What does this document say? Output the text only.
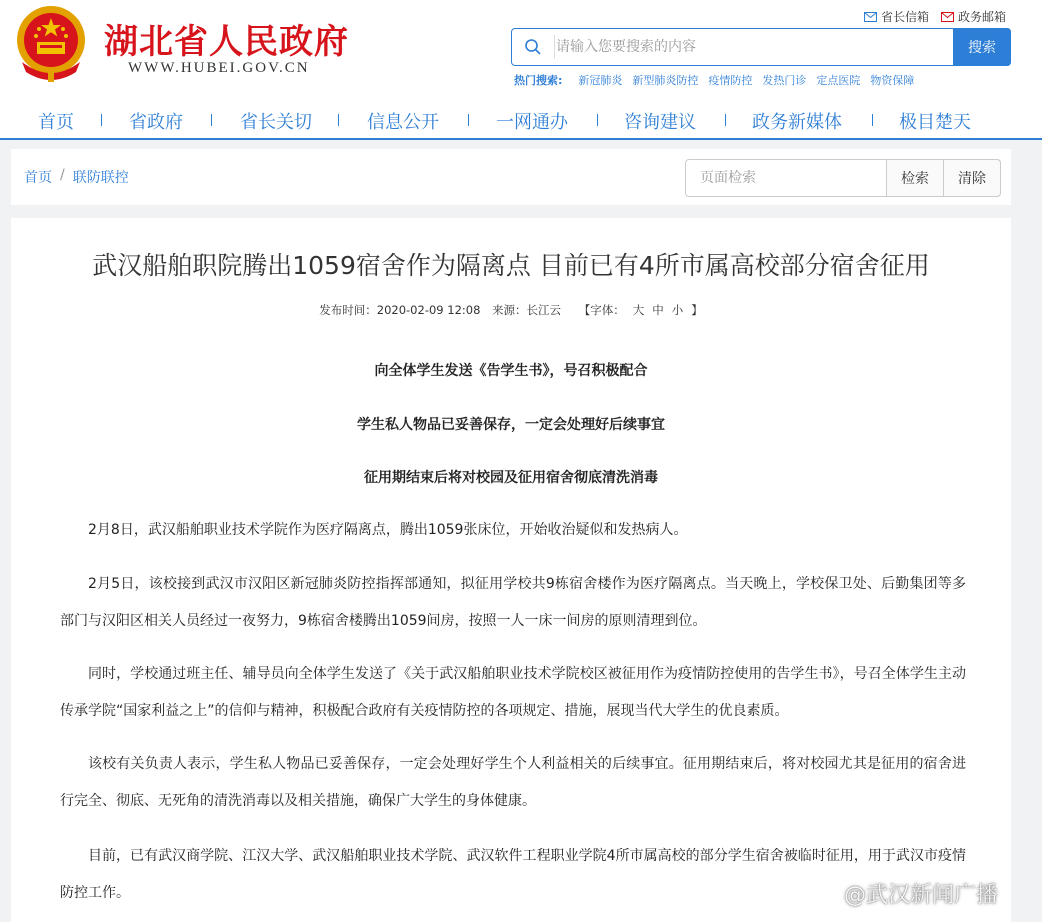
湖北省人民政府
WWW.HUBEI.GOV.CN
省长信箱 政务邮箱
请输入您要搜索的内容
搜索
热门搜索: 新冠肺炎 新型肺炎防控 疫情防控 发热门诊 定点医院 物资保障
首页	省政府	省长关切	信息公开	一网通办	咨询建议	政务新媒体	极目楚天
首页 / 联防联控
页面检索	检索	清除
武汉船舶职院腾出1059宿舍作为隔离点 目前已有4所市属高校部分宿舍征用
发布时间：2020-02-09 12:08 来源：长江云 【字体： 大 中 小 】
向全体学生发送《告学生书》，号召积极配合
学生私人物品已妥善保存，一定会处理好后续事宜
征用期结束后将对校园及征用宿舍彻底清洗消毒

2月8日，武汉船舶职业技术学院作为医疗隔离点，腾出1059张床位，开始收治疑似和发热病人。

2月5日，该校接到武汉市汉阳区新冠肺炎防控指挥部通知，拟征用学校共9栋宿舍楼作为医疗隔离点。当天晚上，学校保卫处、后勤集团等多部门与汉阳区相关人员经过一夜努力，9栋宿舍楼腾出1059间房，按照一人一床一间房的原则清理到位。

同时，学校通过班主任、辅导员向全体学生发送了《关于武汉船舶职业技术学院校区被征用作为疫情防控使用的告学生书》，号召全体学生主动传承学院“国家利益之上”的信仰与精神，积极配合政府有关疫情防控的各项规定、措施，展现当代大学生的优良素质。

该校有关负责人表示，学生私人物品已妥善保存，一定会处理好学生个人利益相关的后续事宜。征用期结束后，将对校园尤其是征用的宿舍进行完全、彻底、无死角的清洗消毒以及相关措施，确保广大学生的身体健康。

目前，已有武汉商学院、江汉大学、武汉船舶职业技术学院、武汉软件工程职业学院4所市属高校的部分学生宿舍被临时征用，用于武汉市疫情防控工作。	@武汉新闻广播
